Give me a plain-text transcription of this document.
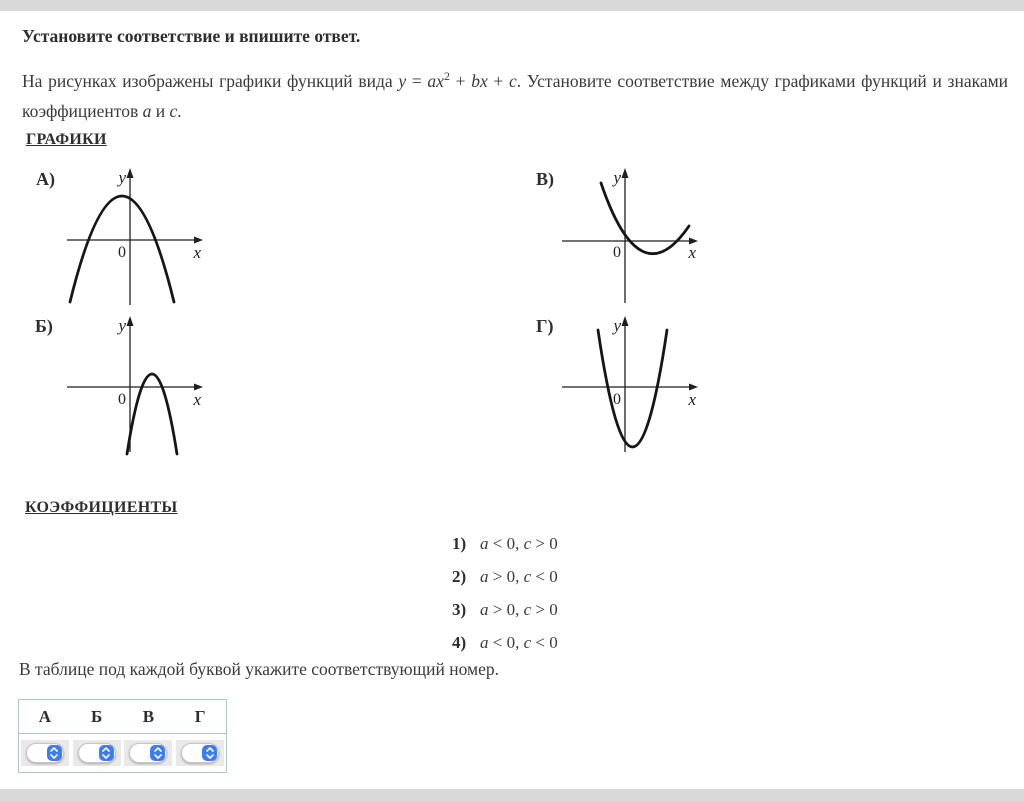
Установите соответствие и впишите ответ.
На рисунках изображены графики функций вида $y = ax^2$ + bx + c. Установите соответствие между графиками функций и знаками коэффициентов a и c.
ГРАФИКИ
А)	y
x
0
В)	y
x
0
Б)	y
x
0
Г)	y
x
0
КОЭФФИЦИЕНТЫ
1) a < 0, c > 0
2) a > 0, c < 0
3) a > 0, c > 0
4) a < 0, c < 0
В таблице под каждой буквой укажите соответствующий номер.
А	Б	В	Г
